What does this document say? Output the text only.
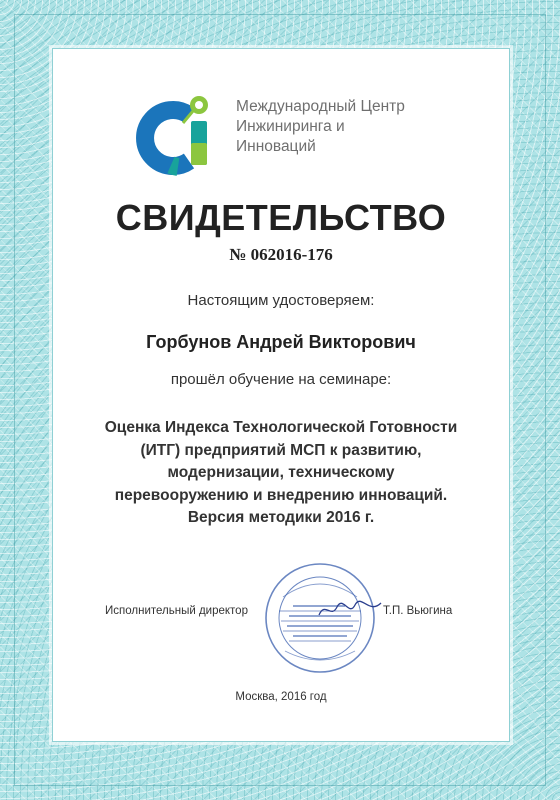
Международный Центр
Инжиниринга и
Инноваций
СВИДЕТЕЛЬСТВО
№ 062016-176
Настоящим удостоверяем:
Горбунов Андрей Викторович
прошёл обучение на семинаре:
Оценка Индекса Технологической Готовности
(ИТГ) предприятий МСП к развитию,
модернизации, техническому
перевооружению и внедрению инноваций.
Версия методики 2016 г.
Исполнительный директор	Т.П. Вьюгина
Москва, 2016 год
